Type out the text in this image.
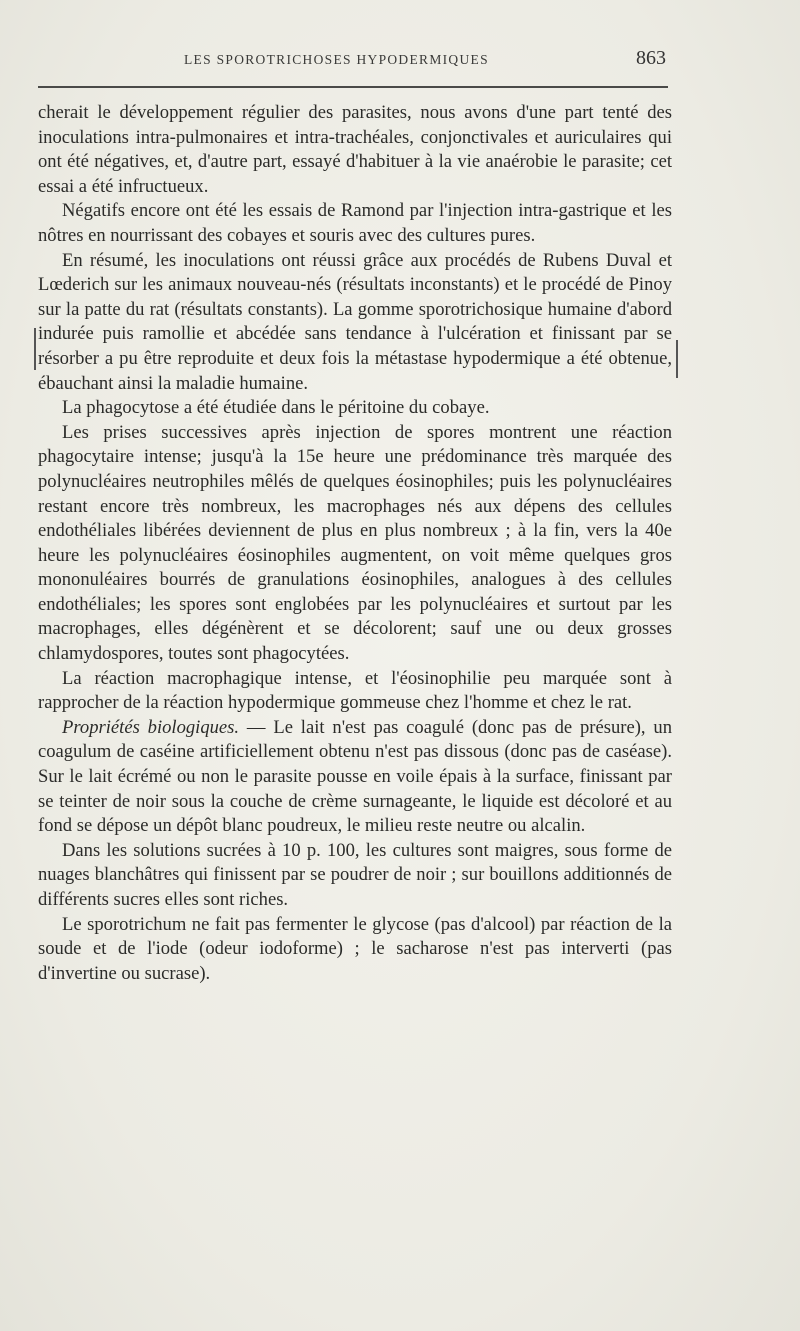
LES SPOROTRICHOSES HYPODERMIQUES	863

cherait le développement régulier des parasites, nous avons d'une part tenté des inoculations intra-pulmonaires et intra-trachéales, conjonctivales et auriculaires qui ont été négatives, et, d'autre part, essayé d'habituer à la vie anaérobie le parasite; cet essai a été infructueux.

Négatifs encore ont été les essais de Ramond par l'injection intra-gastrique et les nôtres en nourrissant des cobayes et souris avec des cultures pures.

En résumé, les inoculations ont réussi grâce aux procédés de Rubens Duval et Lœderich sur les animaux nouveau-nés (résultats inconstants) et le procédé de Pinoy sur la patte du rat (résultats constants). La gomme sporotrichosique humaine d'abord indurée puis ramollie et abcédée sans tendance à l'ulcération et finissant par se résorber a pu être reproduite et deux fois la métastase hypodermique a été obtenue, ébauchant ainsi la maladie humaine.

La phagocytose a été étudiée dans le péritoine du cobaye.

Les prises successives après injection de spores montrent une réaction phagocytaire intense; jusqu'à la 15e heure une prédominance très marquée des polynucléaires neutrophiles mêlés de quelques éosinophiles; puis les polynucléaires restant encore très nombreux, les macrophages nés aux dépens des cellules endothéliales libérées deviennent de plus en plus nombreux ; à la fin, vers la 40e heure les polynucléaires éosinophiles augmentent, on voit même quelques gros mononuléaires bourrés de granulations éosinophiles, analogues à des cellules endothéliales; les spores sont englobées par les polynucléaires et surtout par les macrophages, elles dégénèrent et se décolorent; sauf une ou deux grosses chlamydospores, toutes sont phagocytées.

La réaction macrophagique intense, et l'éosinophilie peu marquée sont à rapprocher de la réaction hypodermique gommeuse chez l'homme et chez le rat.

Propriétés biologiques. — Le lait n'est pas coagulé (donc pas de présure), un coagulum de caséine artificiellement obtenu n'est pas dissous (donc pas de caséase). Sur le lait écrémé ou non le parasite pousse en voile épais à la surface, finissant par se teinter de noir sous la couche de crème surnageante, le liquide est décoloré et au fond se dépose un dépôt blanc poudreux, le milieu reste neutre ou alcalin.

Dans les solutions sucrées à 10 p. 100, les cultures sont maigres, sous forme de nuages blanchâtres qui finissent par se poudrer de noir ; sur bouillons additionnés de différents sucres elles sont riches.

Le sporotrichum ne fait pas fermenter le glycose (pas d'alcool) par réaction de la soude et de l'iode (odeur iodoforme) ; le sacharose n'est pas interverti (pas d'invertine ou sucrase).
